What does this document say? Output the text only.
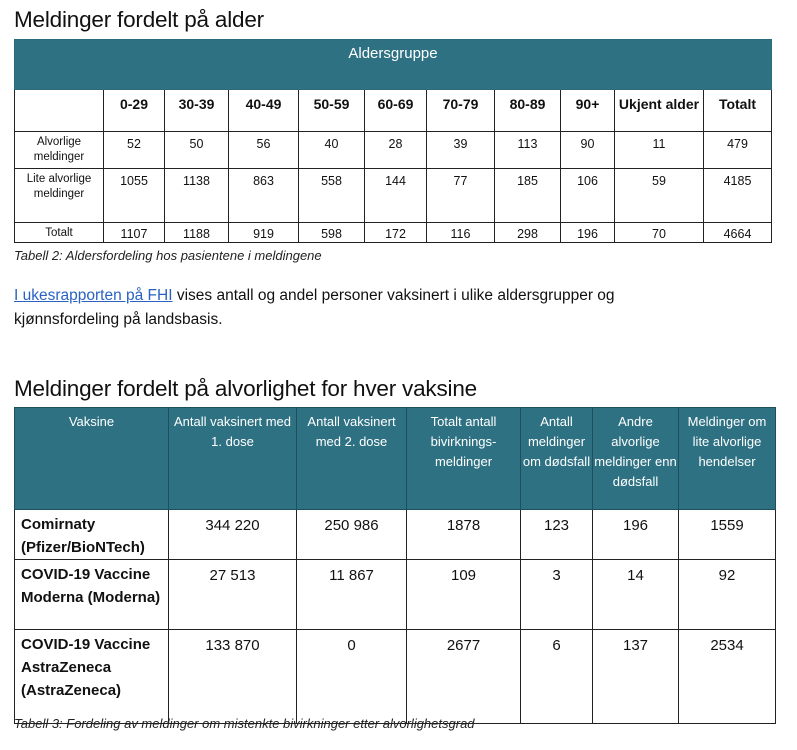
Meldinger fordelt på alder
Aldersgruppe										
	0-29	30-39	40-49	50-59	60-69	70-79	80-89	90+	Ukjent alder	Totalt
Alvorlige meldinger	52	50	56	40	28	39	113	90	11	479
Lite alvorlige meldinger	1055	1138	863	558	144	77	185	106	59	4185
Totalt	1107	1188	919	598	172	116	298	196	70	4664
Tabell 2: Aldersfordeling hos pasientene i meldingene

I ukesrapporten på FHI vises antall og andel personer vaksinert i ulike aldersgrupper og kjønnsfordeling på landsbasis.

Meldinger fordelt på alvorlighet for hver vaksine
Vaksine	Antall vaksinert med 1. dose	Antall vaksinert med 2. dose	Totalt antall bivirknings-meldinger	Antall meldinger om dødsfall	Andre alvorlige meldinger enn dødsfall	Meldinger om lite alvorlige hendelser
Comirnaty (Pfizer/BioNTech)	344 220	250 986	1878	123	196	1559
COVID-19 Vaccine Moderna (Moderna)	27 513	11 867	109	3	14	92
COVID-19 Vaccine AstraZeneca (AstraZeneca)	133 870	0	2677	6	137	2534
Tabell 3: Fordeling av meldinger om mistenkte bivirkninger etter alvorlighetsgrad
